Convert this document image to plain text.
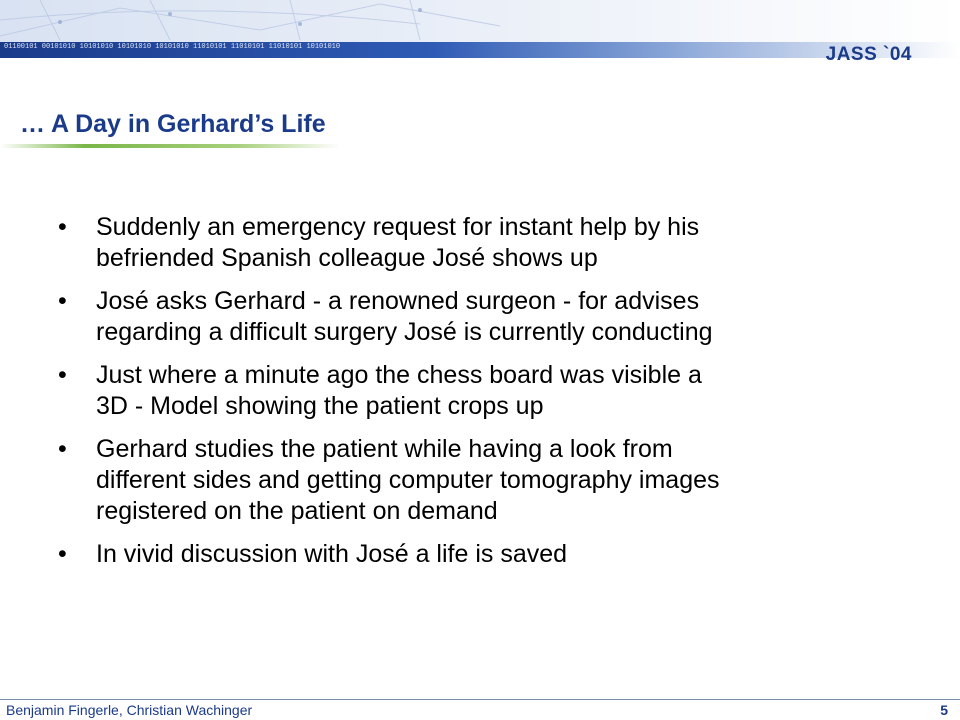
01100101 00101010 10101010 10101010 10101010 11010101 11010101 11010101 10101010	JASS `04
… A Day in Gerhard’s Life
• Suddenly an emergency request for instant help by his
befriended Spanish colleague José shows up
• José asks Gerhard - a renowned surgeon - for advises
regarding a difficult surgery José is currently conducting
• Just where a minute ago the chess board was visible a
3D - Model showing the patient crops up
• Gerhard studies the patient while having a look from
different sides and getting computer tomography images
registered on the patient on demand
• In vivid discussion with José a life is saved
Benjamin Fingerle, Christian Wachinger	5
